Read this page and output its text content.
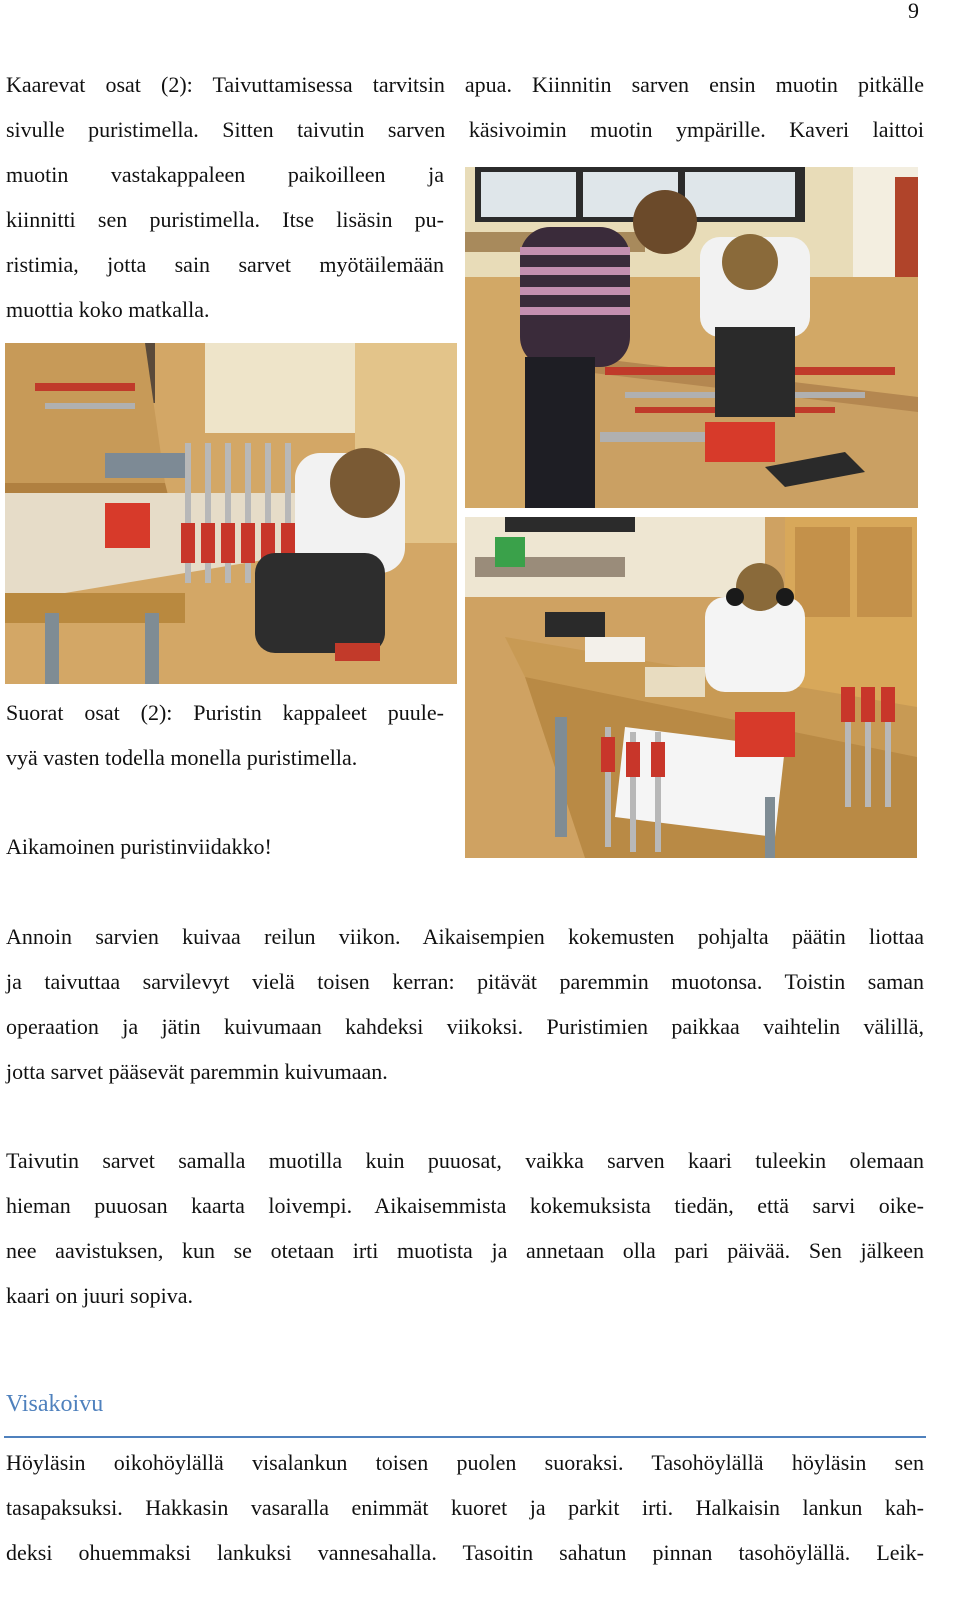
9
Kaarevat osat (2): Taivuttamisessa tarvitsin apua. Kiinnitin sarven ensin muotin pitkälle
sivulle puristimella. Sitten taivutin sarven käsivoimin muotin ympärille. Kaveri laittoi
muotin vastakappaleen paikoilleen ja
kiinnitti sen puristimella. Itse lisäsin pu-
ristimia, jotta sain sarvet myötäilemään
muottia koko matkalla.
Suorat osat (2): Puristin kappaleet puule-
vyä vasten todella monella puristimella.
Aikamoinen puristinviidakko!
Annoin sarvien kuivaa reilun viikon. Aikaisempien kokemusten pohjalta päätin liottaa
ja taivuttaa sarvilevyt vielä toisen kerran: pitävät paremmin muotonsa. Toistin saman
operaation ja jätin kuivumaan kahdeksi viikoksi. Puristimien paikkaa vaihtelin välillä,
jotta sarvet pääsevät paremmin kuivumaan.
Taivutin sarvet samalla muotilla kuin puuosat, vaikka sarven kaari tuleekin olemaan
hieman puuosan kaarta loivempi. Aikaisemmista kokemuksista tiedän, että sarvi oike-
nee aavistuksen, kun se otetaan irti muotista ja annetaan olla pari päivää. Sen jälkeen
kaari on juuri sopiva.
Visakoivu
Höyläsin oikohöylällä visalankun toisen puolen suoraksi. Tasohöylällä höyläsin sen
tasapaksuksi. Hakkasin vasaralla enimmät kuoret ja parkit irti. Halkaisin lankun kah-
deksi ohuemmaksi lankuksi vannesahalla. Tasoitin sahatun pinnan tasohöylällä. Leik-
